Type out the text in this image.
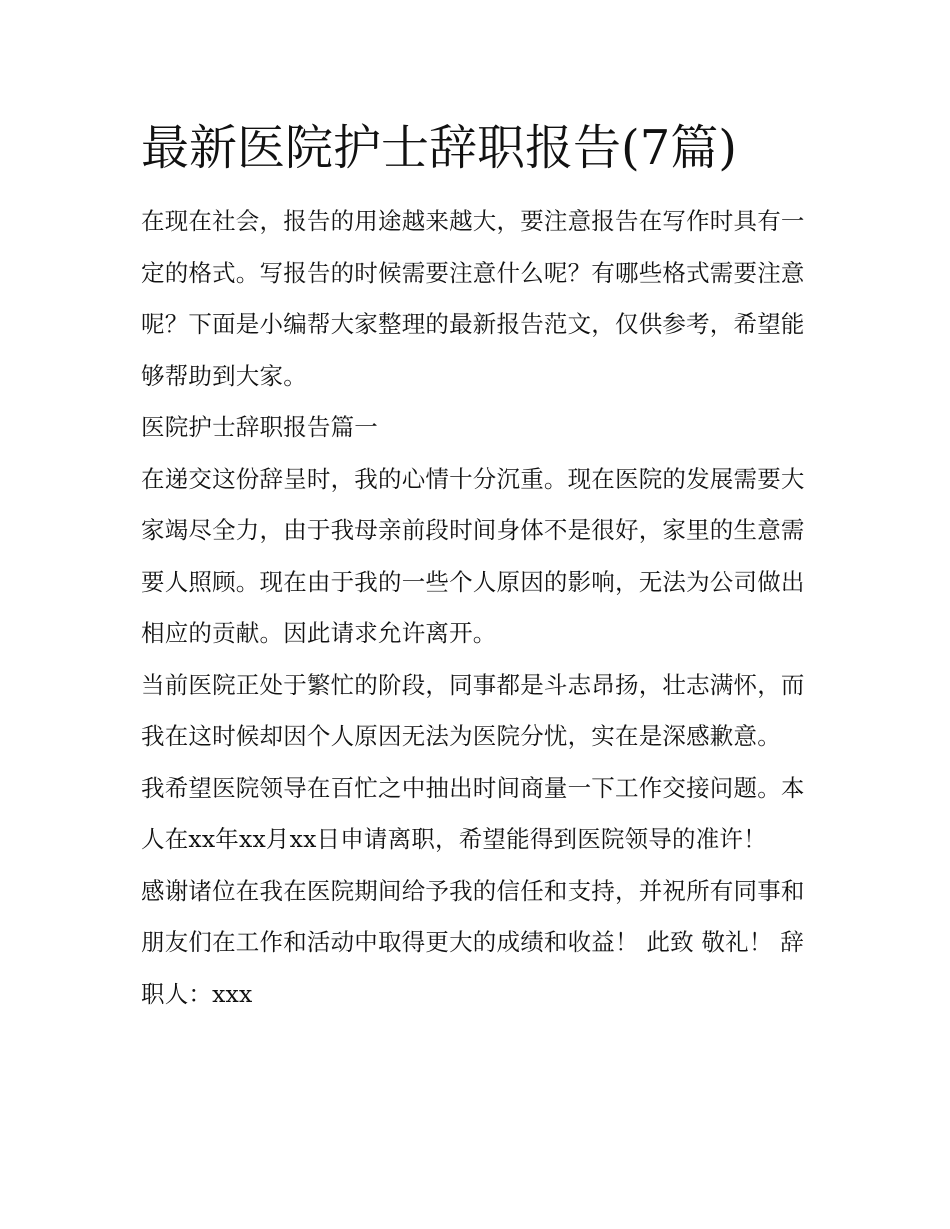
最新医院护士辞职报告(7篇)

在现在社会，报告的用途越来越大，要注意报告在写作时具有一定的格式。写报告的时候需要注意什么呢？有哪些格式需要注意呢？下面是小编帮大家整理的最新报告范文，仅供参考，希望能够帮助到大家。

医院护士辞职报告篇一

在递交这份辞呈时，我的心情十分沉重。现在医院的发展需要大家竭尽全力，由于我母亲前段时间身体不是很好，家里的生意需要人照顾。现在由于我的一些个人原因的影响，无法为公司做出相应的贡献。因此请求允许离开。

当前医院正处于繁忙的阶段，同事都是斗志昂扬，壮志满怀，而我在这时候却因个人原因无法为医院分忧，实在是深感歉意。

我希望医院领导在百忙之中抽出时间商量一下工作交接问题。本人在xx年xx月xx日申请离职，希望能得到医院领导的准许！

感谢诸位在我在医院期间给予我的信任和支持，并祝所有同事和朋友们在工作和活动中取得更大的成绩和收益！ 此致 敬礼！ 辞职人：xxx
